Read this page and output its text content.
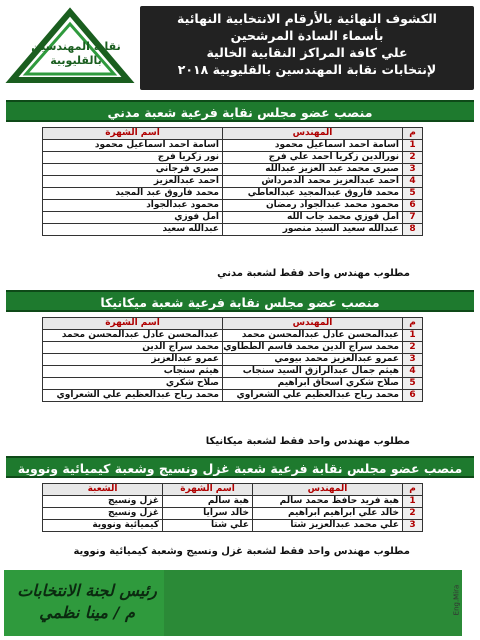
نقابة المهندسين
بالقليوبية
الكشوف النهائية بالأرقام الانتخابية النهائية
بأسماء السادة المرشحين
علي كافة المراكز النقابية الخالية
لإنتخابات نقابة المهندسين بالقليوبية ٢٠١٨
منصب عضو مجلس نقابة فرعية شعبة مدني
م	المهندس	اسم الشهرة
1	اسامة احمد اسماعيل محمود	اسامة احمد اسماعيل محمود
2	نورالدين زكريا احمد علي فرج	نور زكريا فرج
3	صبري محمد عبد العزيز عبدالله	صبري فرجاني
4	احمد عبدالعزيز محمد الدمرداش	احمد عبدالعزيز
5	محمد فاروق عبدالمجيد عبدالعاطي	محمد فاروق عبد المجيد
6	محمود محمد عبدالجواد رمضان	محمود عبدالجواد
7	امل فوزي محمد جاب الله	امل فوزي
8	عبدالله سعيد السيد منصور	عبدالله سعيد
مطلوب مهندس واحد فقط لشعبة مدني
منصب عضو مجلس نقابة فرعية شعبة ميكانيكا
م	المهندس	اسم الشهرة
1	عبدالمحسن عادل عبدالمحسن محمد	عبدالمحسن عادل عبدالمحسن محمد
2	محمد سراج الدين محمد قاسم الططاوي	محمد سراج الدين
3	عمرو عبدالعزيز محمد بيومي	عمرو عبدالعزيز
4	هيثم جمال عبدالرازق السيد سنجاب	هيثم سنجاب
5	صلاح شكري اسحاق ابراهيم	صلاح شكري
6	محمد رياح عبدالعظيم علي الشعراوي	محمد رياح عبدالعظيم علي الشعراوي
مطلوب مهندس واحد فقط لشعبة ميكانيكا
منصب عضو مجلس نقابة فرعية شعبة غزل ونسيج وشعبة كيميائية ونووية
م	المهندس	اسم الشهرة	الشعبة
1	هبة فريد حافظ محمد سالم	هبة سالم	غزل ونسيج
2	خالد علي ابراهيم ابراهيم	خالد سرايا	غزل ونسيج
3	علي محمد عبدالعزيز شتا	علي شتا	كيميائية ونووية
مطلوب مهندس واحد فقط لشعبة غزل ونسيج وشعبة كيميائية ونووية
رئيس لجنة الانتخابات
م / مينا نظمي	Eng.Mira
